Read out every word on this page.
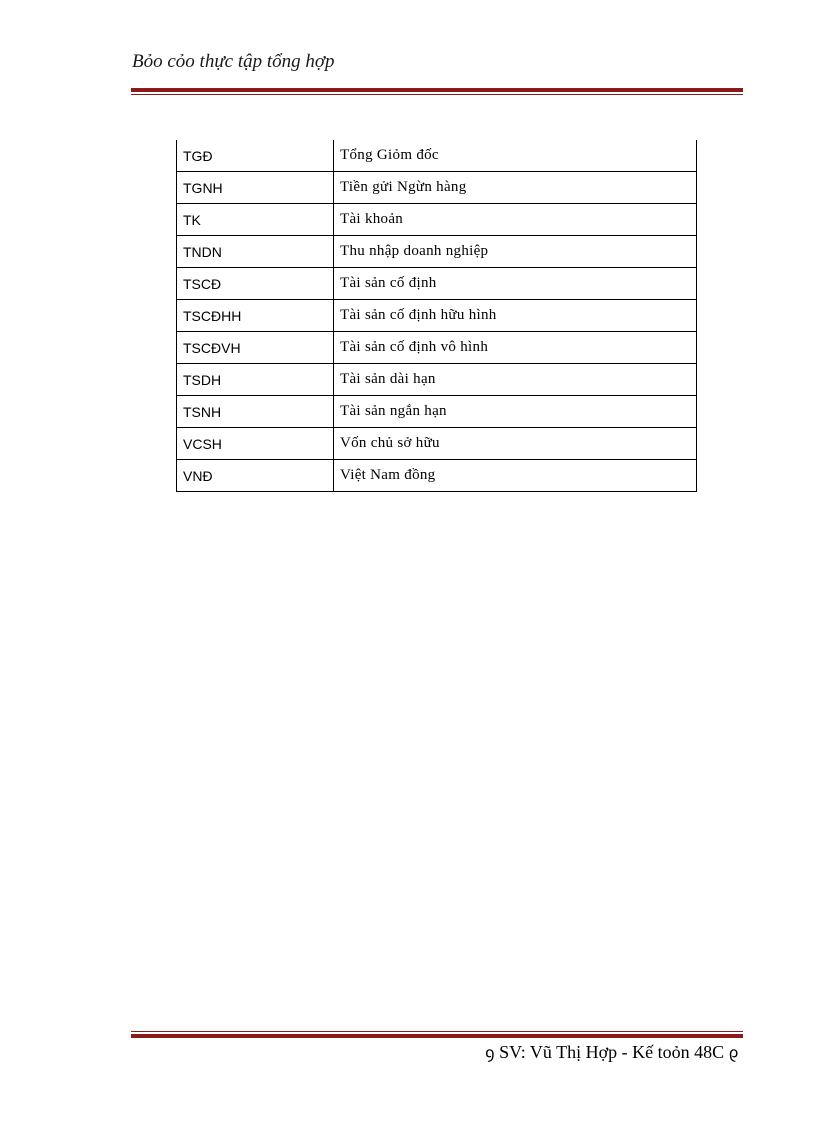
Bỏo cỏo thực tập tổng hợp
TGĐ	Tổng Giỏm đốc
TGNH	Tiền gửi Ngừn hàng
TK	Tài khoản
TNDN	Thu nhập doanh nghiệp
TSCĐ	Tài sản cố định
TSCĐHH	Tài sản cố định hữu hình
TSCĐVH	Tài sản cố định vô hình
TSDH	Tài sản dài hạn
TSNH	Tài sản ngắn hạn
VCSH	Vốn chủ sở hữu
VNĐ	Việt Nam đồng
ꝯ SV: Vũ Thị Hợp - Kế toỏn 48C ꝯ
